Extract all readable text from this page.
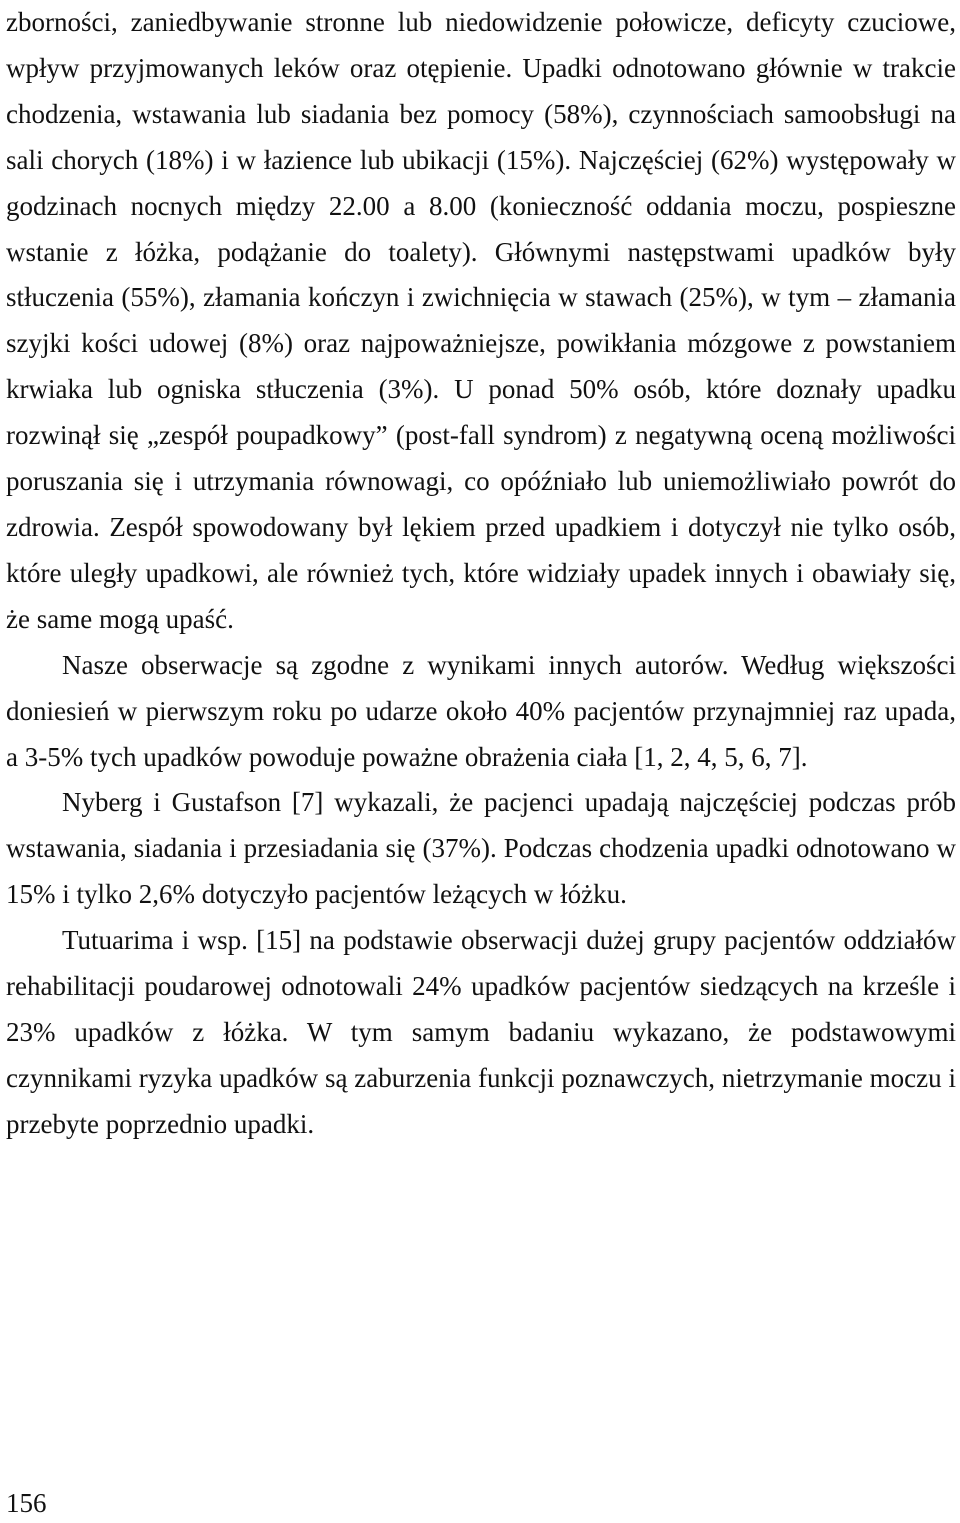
zborności, zaniedbywanie stronne lub niedowidzenie połowicze, deficyty czuciowe, wpływ przyjmowanych leków oraz otępienie. Upadki odnotowano głównie w trakcie chodzenia, wstawania lub siadania bez pomocy (58%), czynnościach samoobsługi na sali chorych (18%) i w łazience lub ubikacji (15%). Najczęściej (62%) występowały w godzinach nocnych między 22.00 a 8.00 (konieczność oddania moczu, pospieszne wstanie z łóżka, podążanie do toalety). Głównymi następstwami upadków były stłuczenia (55%), złamania kończyn i zwichnięcia w stawach (25%), w tym – złamania szyjki kości udowej (8%) oraz najpoważniejsze, powikłania mózgowe z powstaniem krwiaka lub ogniska stłuczenia (3%). U ponad 50% osób, które doznały upadku rozwinął się „zespół poupadkowy” (post-fall syndrom) z negatywną oceną możliwości poruszania się i utrzymania równowagi, co opóźniało lub uniemożliwiało powrót do zdrowia. Zespół spowodowany był lękiem przed upadkiem i dotyczył nie tylko osób, które uległy upadkowi, ale również tych, które widziały upadek innych i obawiały się, że same mogą upaść.

Nasze obserwacje są zgodne z wynikami innych autorów. Według większości doniesień w pierwszym roku po udarze około 40% pacjentów przynajmniej raz upada, a 3-5% tych upadków powoduje poważne obrażenia ciała [1, 2, 4, 5, 6, 7].

Nyberg i Gustafson [7] wykazali, że pacjenci upadają najczęściej podczas prób wstawania, siadania i przesiadania się (37%). Podczas chodzenia upadki odnotowano w 15% i tylko 2,6% dotyczyło pacjentów leżących w łóżku.

Tutuarima i wsp. [15] na podstawie obserwacji dużej grupy pacjentów oddziałów rehabilitacji poudarowej odnotowali 24% upadków pacjentów siedzących na krześle i 23% upadków z łóżka. W tym samym badaniu wykazano, że podstawowymi czynnikami ryzyka upadków są zaburzenia funkcji poznawczych, nietrzymanie moczu i przebyte poprzednio upadki.

156
